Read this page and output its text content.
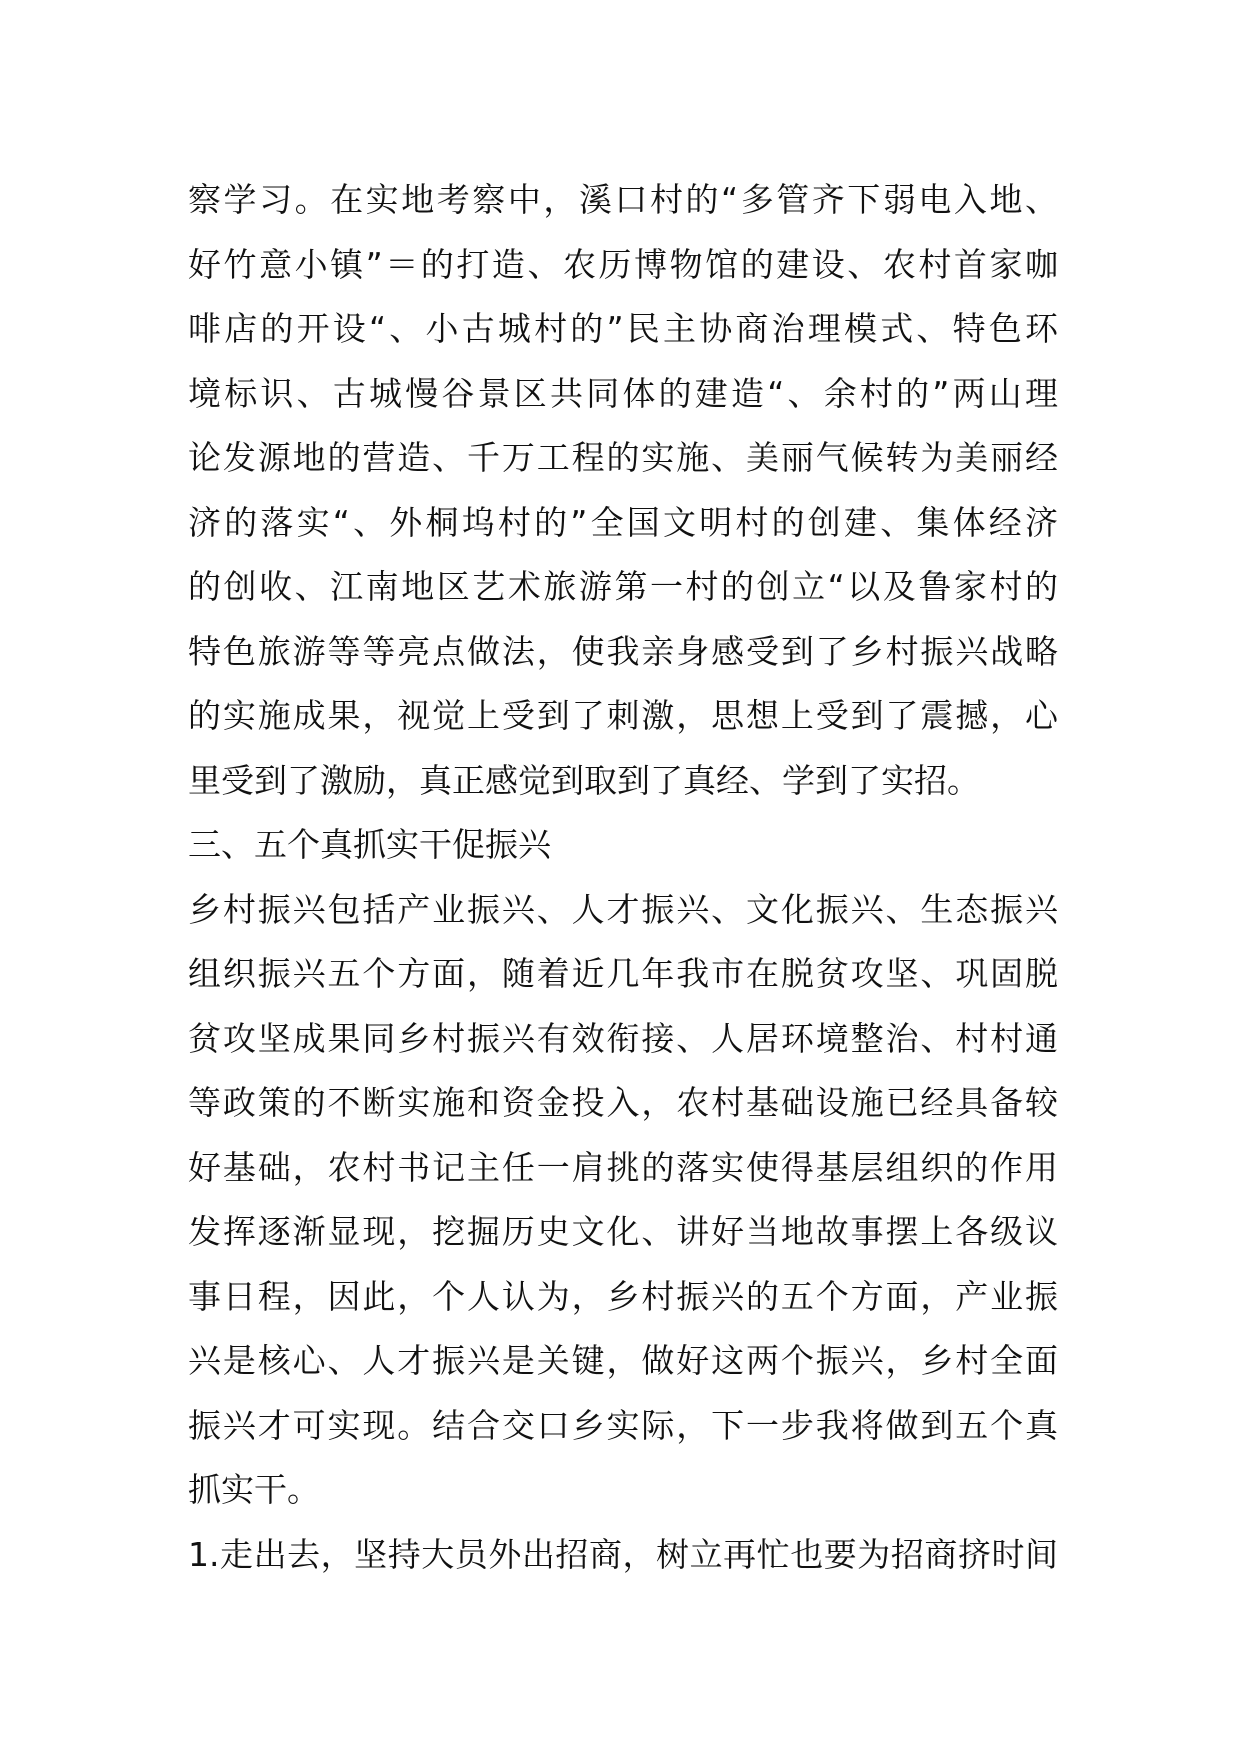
察学习。在实地考察中，溪口村的“多管齐下弱电入地、
好竹意小镇”＝的打造、农历博物馆的建设、农村首家咖
啡店的开设“、小古城村的”民主协商治理模式、特色环
境标识、古城慢谷景区共同体的建造“、余村的”两山理
论发源地的营造、千万工程的实施、美丽气候转为美丽经
济的落实“、外桐坞村的”全国文明村的创建、集体经济
的创收、江南地区艺术旅游第一村的创立“以及鲁家村的
特色旅游等等亮点做法，使我亲身感受到了乡村振兴战略
的实施成果，视觉上受到了刺激，思想上受到了震撼，心
里受到了激励，真正感觉到取到了真经、学到了实招。
三、五个真抓实干促振兴
乡村振兴包括产业振兴、人才振兴、文化振兴、生态振兴
组织振兴五个方面，随着近几年我市在脱贫攻坚、巩固脱
贫攻坚成果同乡村振兴有效衔接、人居环境整治、村村通
等政策的不断实施和资金投入，农村基础设施已经具备较
好基础，农村书记主任一肩挑的落实使得基层组织的作用
发挥逐渐显现，挖掘历史文化、讲好当地故事摆上各级议
事日程，因此，个人认为，乡村振兴的五个方面，产业振
兴是核心、人才振兴是关键，做好这两个振兴，乡村全面
振兴才可实现。结合交口乡实际，下一步我将做到五个真
抓实干。
1.走出去，坚持大员外出招商，树立再忙也要为招商挤时间
